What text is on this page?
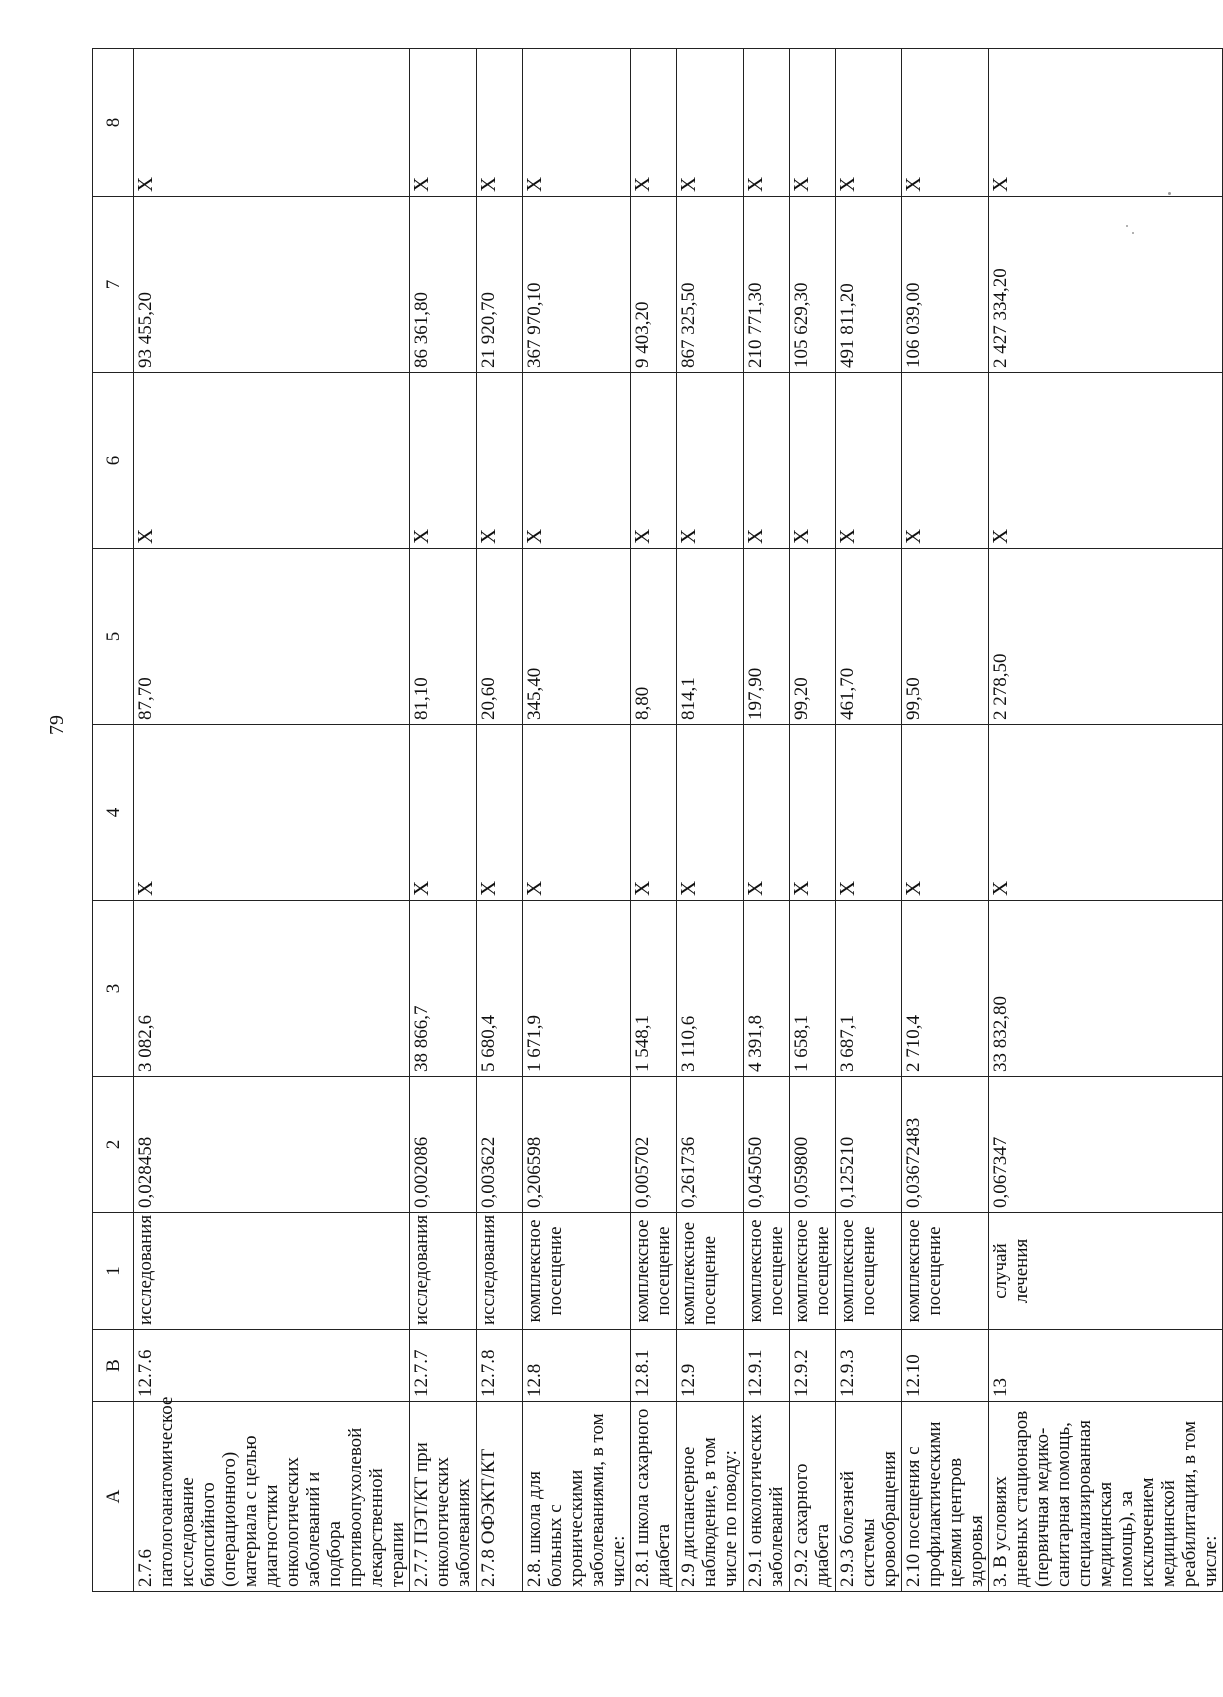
79
A	B	1	2	3	4	5	6	7	8
2.7.6 патологоанатомическое исследование биопсийного (операционного) материала с целью диагностики онкологических заболеваний и подбора противоопухолевой лекарственной терапии	12.7.6	исследования	0,028458	3 082,6	Х	87,70	Х	93 455,20	Х
2.7.7 ПЭТ/КТ при онкологических заболеваниях	12.7.7	исследования	0,002086	38 866,7	Х	81,10	Х	86 361,80	Х
2.7.8 ОФЭКТ/КТ	12.7.8	исследования	0,003622	5 680,4	Х	20,60	Х	21 920,70	Х
2.8. школа для больных с хроническими заболеваниями, в том числе:	12.8	комплексное посещение	0,206598	1 671,9	Х	345,40	Х	367 970,10	Х
2.8.1 школа сахарного диабета	12.8.1	комплексное посещение	0,005702	1 548,1	Х	8,80	Х	9 403,20	Х
2.9 диспансерное наблюдение, в том числе по поводу:	12.9	комплексное посещение	0,261736	3 110,6	Х	814,1	Х	867 325,50	Х
2.9.1 онкологических заболеваний	12.9.1	комплексное посещение	0,045050	4 391,8	Х	197,90	Х	210 771,30	Х
2.9.2 сахарного диабета	12.9.2	комплексное посещение	0,059800	1 658,1	Х	99,20	Х	105 629,30	Х
2.9.3 болезней системы кровообращения	12.9.3	комплексное посещение	0,125210	3 687,1	Х	461,70	Х	491 811,20	Х
2.10 посещения с профилактическими целями центров здоровья	12.10	комплексное посещение	0,03672483	2 710,4	Х	99,50	Х	106 039,00	Х
3. В условиях дневных стационаров (первичная медико-санитарная помощь, специализированная медицинская помощь), за исключением медицинской реабилитации, в том числе:	13	случай лечения	0,067347	33 832,80	Х	2 278,50	Х	2 427 334,20	Х
